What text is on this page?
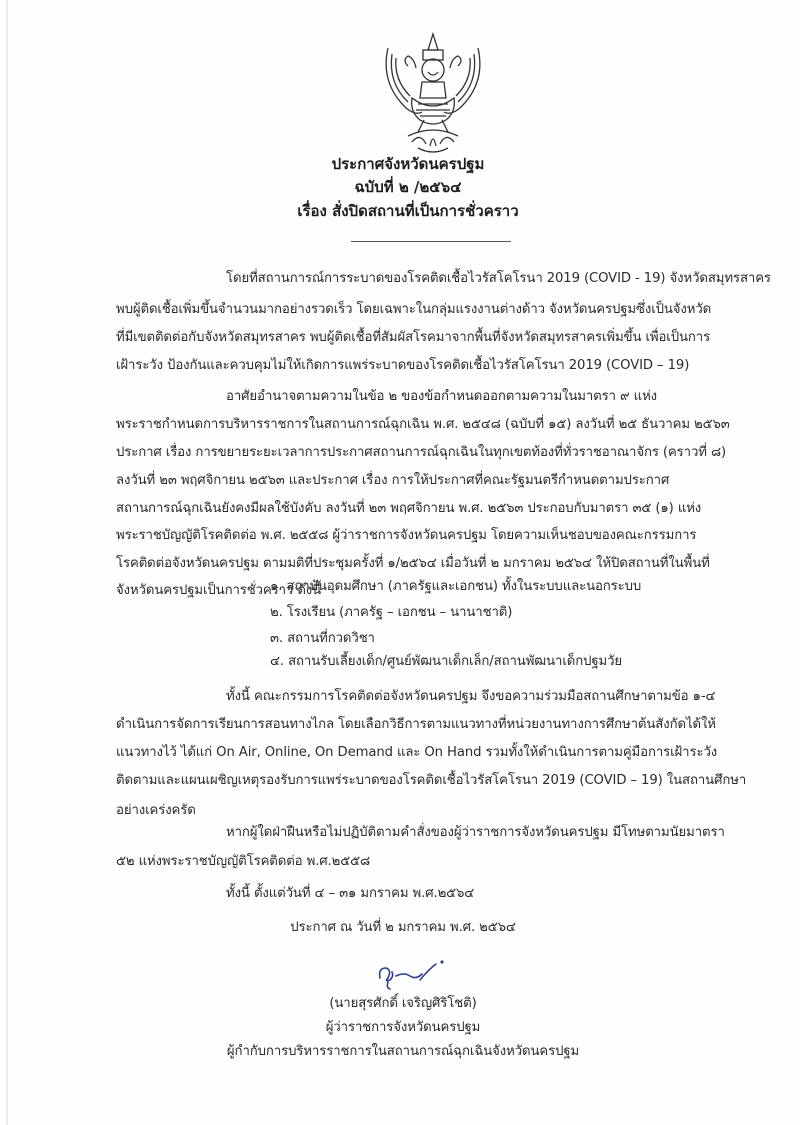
ประกาศจังหวัดนครปฐม
ฉบับที่ ๒ /๒๕๖๔
เรื่อง สั่งปิดสถานที่เป็นการชั่วคราว
โดยที่สถานการณ์การระบาดของโรคติดเชื้อไวรัสโคโรนา 2019 (COVID - 19) จังหวัดสมุทรสาคร
พบผู้ติดเชื้อเพิ่มขึ้นจำนวนมากอย่างรวดเร็ว โดยเฉพาะในกลุ่มแรงงานต่างด้าว จังหวัดนครปฐมซึ่งเป็นจังหวัด
ที่มีเขตติดต่อกับจังหวัดสมุทรสาคร พบผู้ติดเชื้อที่สัมผัสโรคมาจากพื้นที่จังหวัดสมุทรสาครเพิ่มขึ้น เพื่อเป็นการ
เฝ้าระวัง ป้องกันและควบคุมไม่ให้เกิดการแพร่ระบาดของโรคติดเชื้อไวรัสโคโรนา 2019 (COVID – 19)
อาศัยอำนาจตามความในข้อ ๒ ของข้อกำหนดออกตามความในมาตรา ๙ แห่ง
พระราชกำหนดการบริหารราชการในสถานการณ์ฉุกเฉิน พ.ศ. ๒๕๔๘ (ฉบับที่ ๑๕) ลงวันที่ ๒๕ ธันวาคม ๒๕๖๓
ประกาศ เรื่อง การขยายระยะเวลาการประกาศสถานการณ์ฉุกเฉินในทุกเขตท้องที่ทั่วราชอาณาจักร (คราวที่ ๘)
ลงวันที่ ๒๓ พฤศจิกายน ๒๕๖๓ และประกาศ เรื่อง การให้ประกาศที่คณะรัฐมนตรีกำหนดตามประกาศ
สถานการณ์ฉุกเฉินยังคงมีผลใช้บังคับ ลงวันที่ ๒๓ พฤศจิกายน พ.ศ. ๒๕๖๓ ประกอบกับมาตรา ๓๕ (๑) แห่ง
พระราชบัญญัติโรคติดต่อ พ.ศ. ๒๕๕๘ ผู้ว่าราชการจังหวัดนครปฐม โดยความเห็นชอบของคณะกรรมการ
โรคติดต่อจังหวัดนครปฐม ตามมติที่ประชุมครั้งที่ ๑/๒๕๖๔ เมื่อวันที่ ๒ มกราคม ๒๕๖๔ ให้ปิดสถานที่ในพื้นที่
จังหวัดนครปฐมเป็นการชั่วคราว ดังนี้
๑. สถาบันอุดมศึกษา (ภาครัฐและเอกชน) ทั้งในระบบและนอกระบบ
๒. โรงเรียน (ภาครัฐ – เอกชน – นานาชาติ)
๓. สถานที่กวดวิชา
๔. สถานรับเลี้ยงเด็ก/ศูนย์พัฒนาเด็กเล็ก/สถานพัฒนาเด็กปฐมวัย
ทั้งนี้ คณะกรรมการโรคติดต่อจังหวัดนครปฐม จึงขอความร่วมมือสถานศึกษาตามข้อ ๑-๔
ดำเนินการจัดการเรียนการสอนทางไกล โดยเลือกวิธีการตามแนวทางที่หน่วยงานทางการศึกษาต้นสังกัดได้ให้
แนวทางไว้ ได้แก่ On Air, Online, On Demand และ On Hand รวมทั้งให้ดำเนินการตามคู่มือการเฝ้าระวัง
ติดตามและแผนเผชิญเหตุรองรับการแพร่ระบาดของโรคติดเชื้อไวรัสโคโรนา 2019 (COVID – 19) ในสถานศึกษา
อย่างเคร่งครัด
หากผู้ใดฝ่าฝืนหรือไม่ปฏิบัติตามคำสั่งของผู้ว่าราชการจังหวัดนครปฐม มีโทษตามนัยมาตรา
๕๒ แห่งพระราชบัญญัติโรคติดต่อ พ.ศ.๒๕๕๘
ทั้งนี้ ตั้งแต่วันที่ ๔ – ๓๑ มกราคม พ.ศ.๒๕๖๔
ประกาศ ณ วันที่ ๒ มกราคม พ.ศ. ๒๕๖๔
(นายสุรศักดิ์ เจริญศิริโชติ)
ผู้ว่าราชการจังหวัดนครปฐม
ผู้กำกับการบริหารราชการในสถานการณ์ฉุกเฉินจังหวัดนครปฐม
